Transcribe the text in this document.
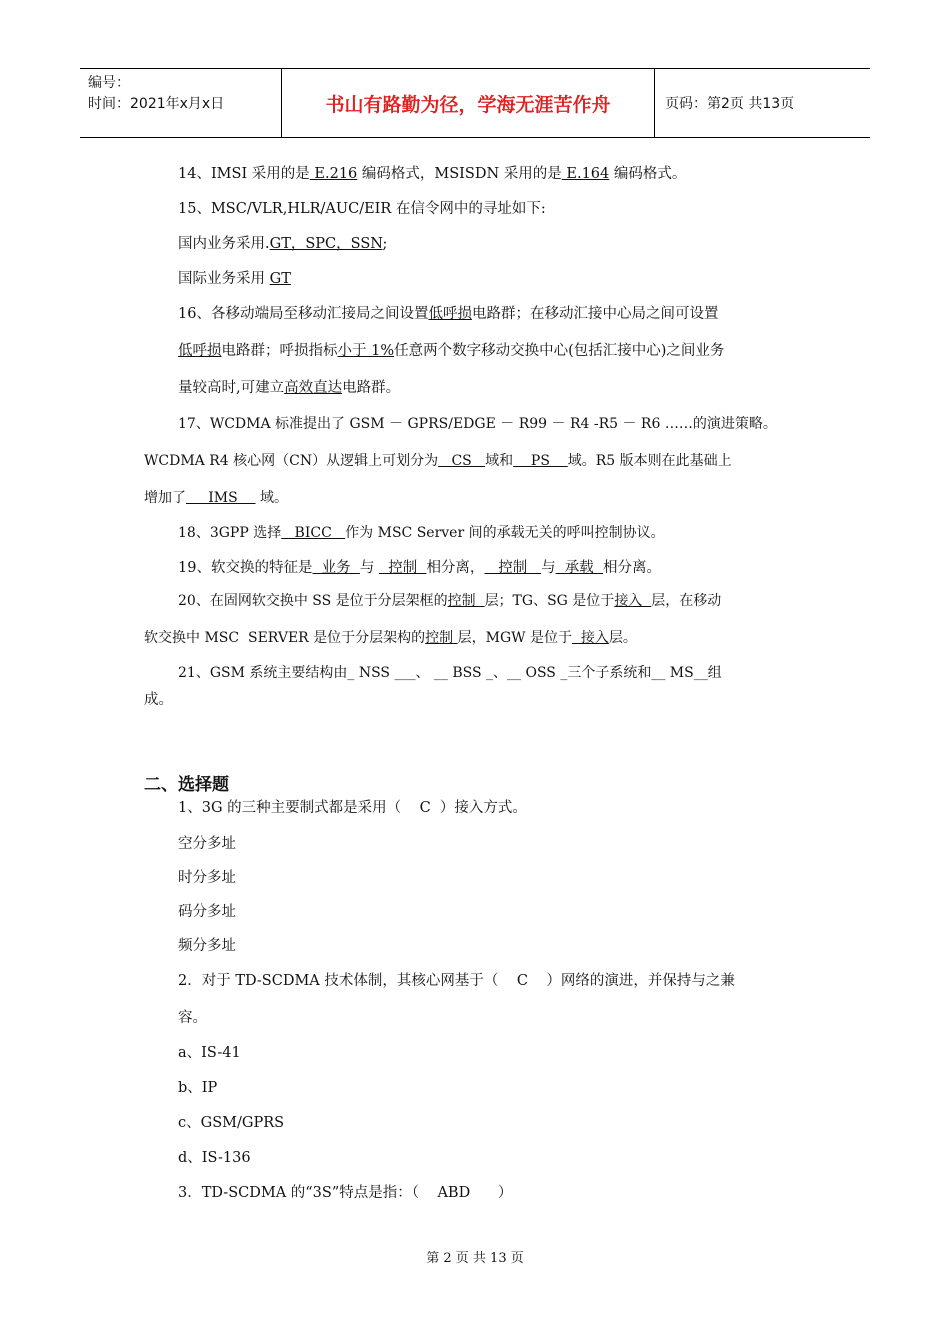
编号：
时间：2021年x月x日	书山有路勤为径，学海无涯苦作舟	页码：第2页 共13页
14、IMSI 采用的是 E.216 编码格式，MSISDN 采用的是 E.164 编码格式。
15、MSC/VLR,HLR/AUC/EIR 在信令网中的寻址如下:
国内业务采用.GT，SPC，SSN;
国际业务采用 GT
16、各移动端局至移动汇接局之间设置低呼损电路群；在移动汇接中心局之间可设置
低呼损电路群；呼损指标小于 1%任意两个数字移动交换中心(包括汇接中心)之间业务
量较高时,可建立高效直达电路群。
17、WCDMA 标准提出了 GSM － GPRS/EDGE － R99 － R4 -R5 － R6 ……的演进策略。
WCDMA R4 核心网（CN）从逻辑上可划分为   CS   域和    PS    域。R5 版本则在此基础上
增加了     IMS     域。
18、3GPP 选择   BICC   作为 MSC Server 间的承载无关的呼叫控制协议。
19、软交换的特征是  业务  与   控制  相分离，   控制   与  承载  相分离。
20、在固网软交换中 SS 是位于分层架框的控制  层；TG、SG 是位于接入  层，在移动
软交换中 MSC  SERVER 是位于分层架构的控制 层，MGW 是位于  接入层。
21、GSM 系统主要结构由_ NSS ___、 __ BSS _、__ OSS _三个子系统和__ MS__组
成。
二、选择题
1、3G 的三种主要制式都是采用（    C  ）接入方式。
空分多址
时分多址
码分多址
频分多址
2．对于 TD-SCDMA 技术体制，其核心网基于（    C    ）网络的演进，并保持与之兼
容。
a、IS-41
b、IP
c、GSM/GPRS
d、IS-136
3．TD-SCDMA 的“3S”特点是指：（    ABD      ）
第 2 页 共 13 页
